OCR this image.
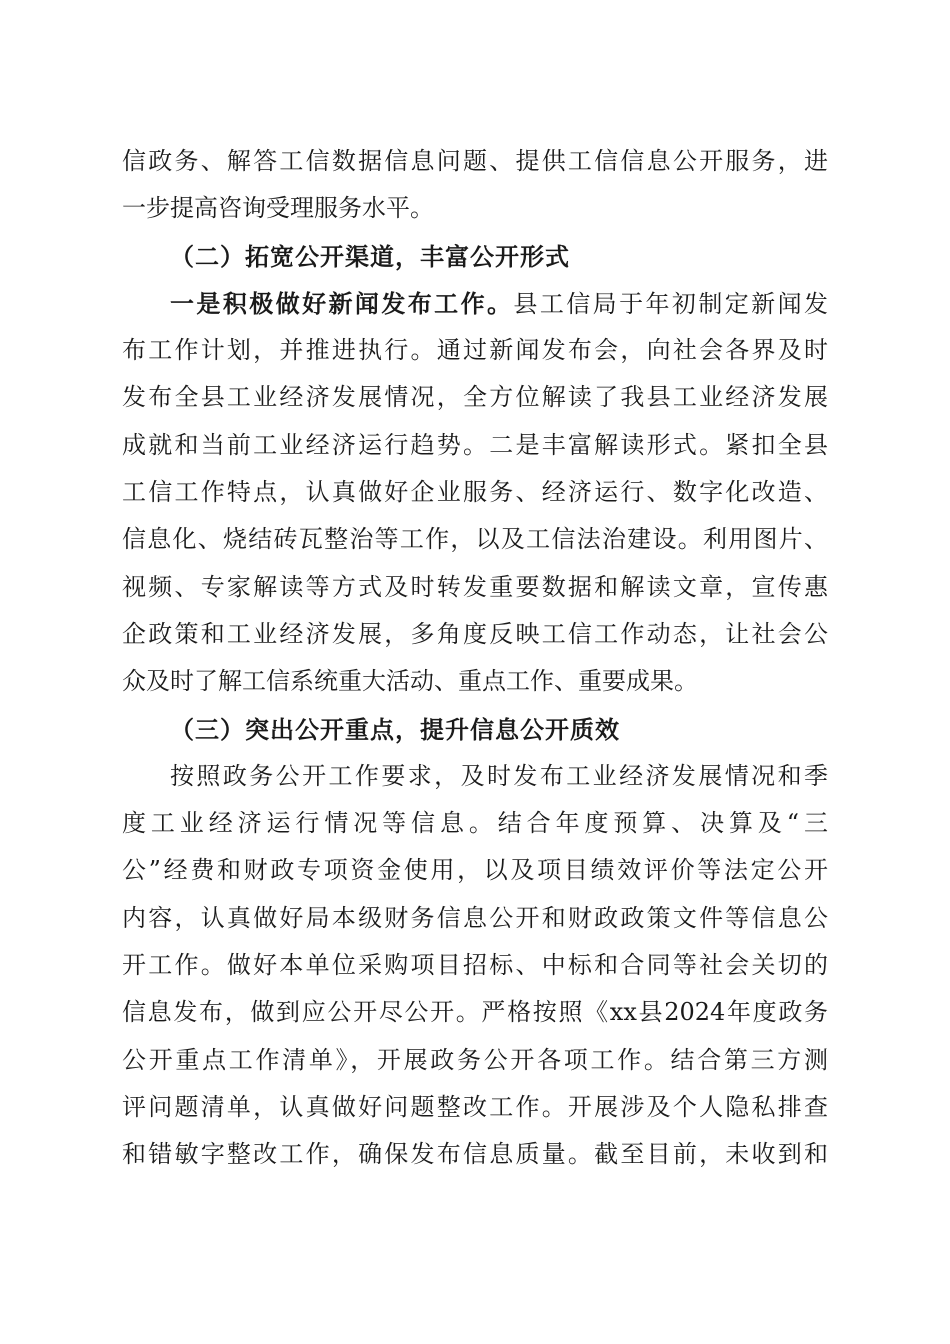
信政务、解答工信数据信息问题、提供工信信息公开服务，进
一步提高咨询受理服务水平。
（二）拓宽公开渠道，丰富公开形式
一是积极做好新闻发布工作。县工信局于年初制定新闻发
布工作计划，并推进执行。通过新闻发布会，向社会各界及时
发布全县工业经济发展情况，全方位解读了我县工业经济发展
成就和当前工业经济运行趋势。二是丰富解读形式。紧扣全县
工信工作特点，认真做好企业服务、经济运行、数字化改造、
信息化、烧结砖瓦整治等工作，以及工信法治建设。利用图片、
视频、专家解读等方式及时转发重要数据和解读文章，宣传惠
企政策和工业经济发展，多角度反映工信工作动态，让社会公
众及时了解工信系统重大活动、重点工作、重要成果。
（三）突出公开重点，提升信息公开质效
按照政务公开工作要求，及时发布工业经济发展情况和季
度工业经济运行情况等信息。结合年度预算、决算及“三
公”经费和财政专项资金使用，以及项目绩效评价等法定公开
内容，认真做好局本级财务信息公开和财政政策文件等信息公
开工作。做好本单位采购项目招标、中标和合同等社会关切的
信息发布，做到应公开尽公开。严格按照《xx县2024年度政务
公开重点工作清单》，开展政务公开各项工作。结合第三方测
评问题清单，认真做好问题整改工作。开展涉及个人隐私排查
和错敏字整改工作，确保发布信息质量。截至目前，未收到和
